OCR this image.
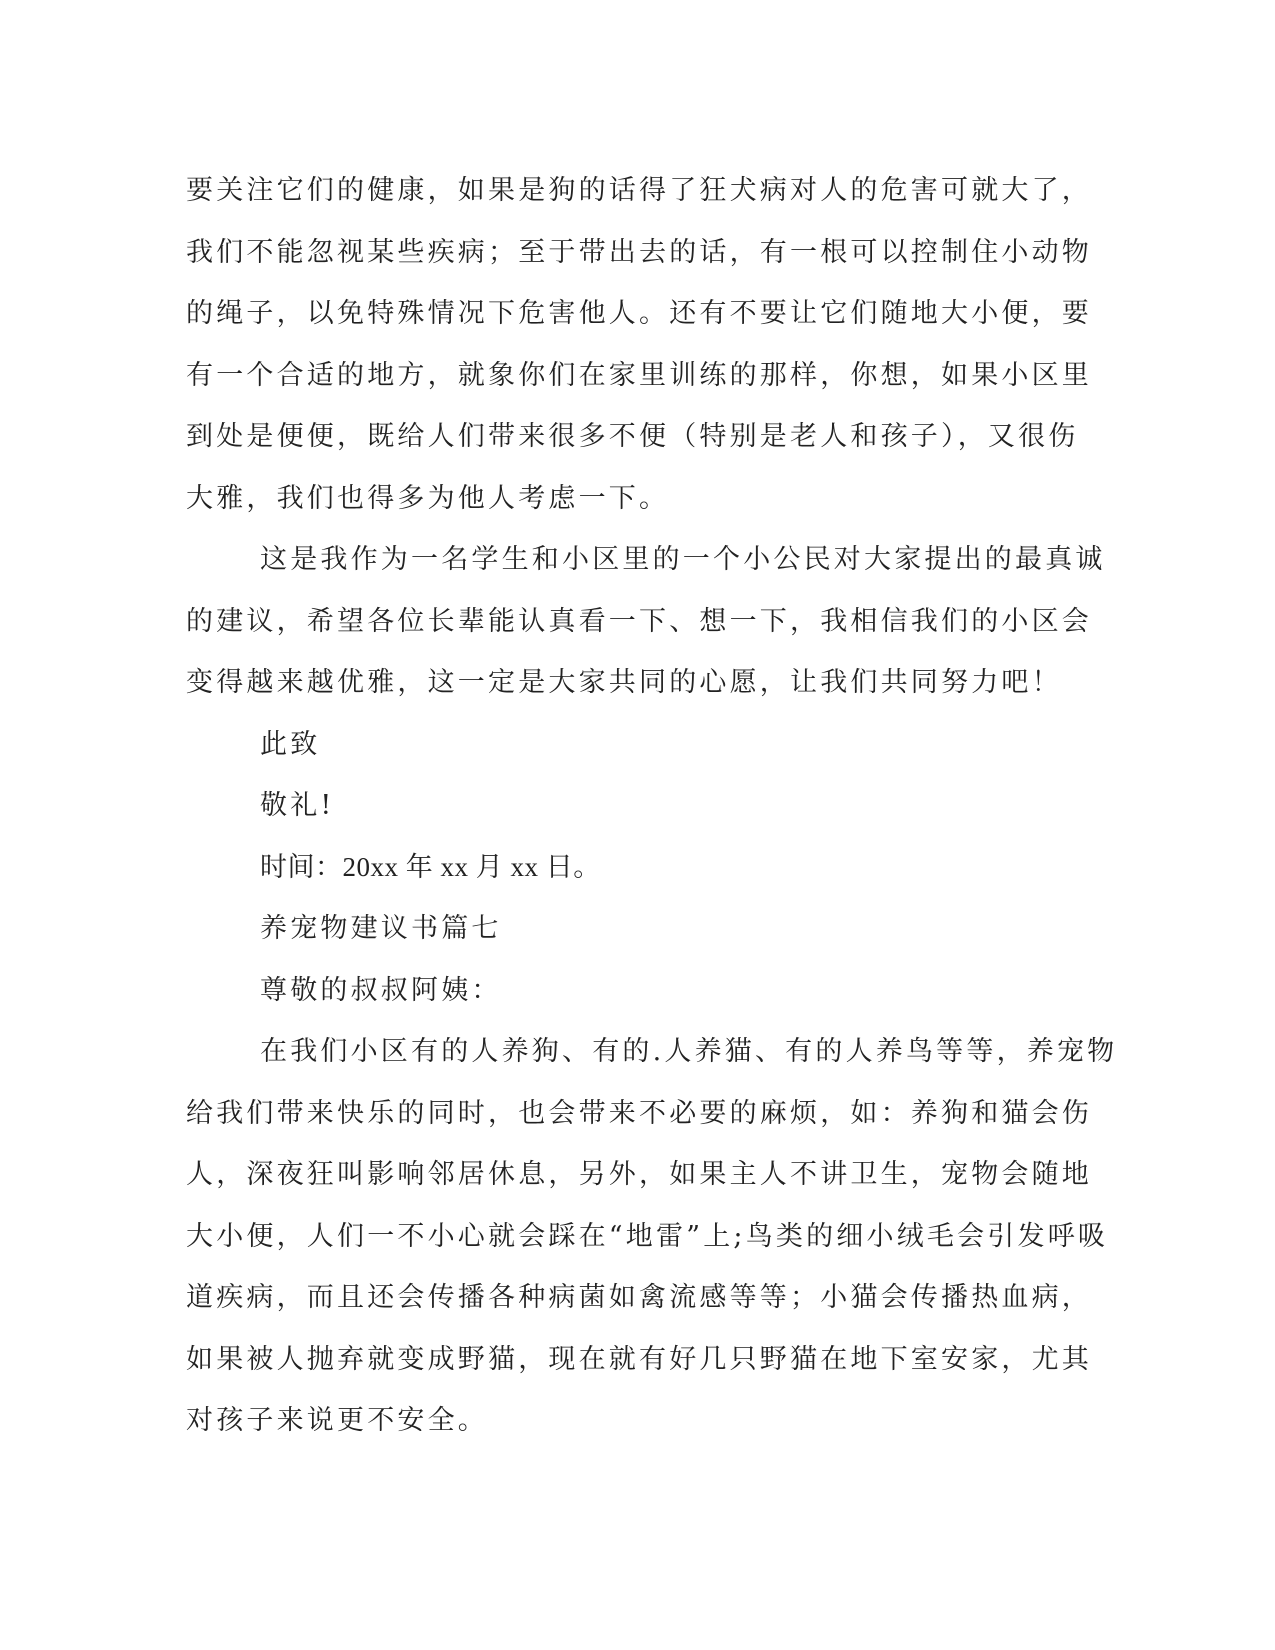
要关注它们的健康，如果是狗的话得了狂犬病对人的危害可就大了，
我们不能忽视某些疾病；至于带出去的话，有一根可以控制住小动物
的绳子，以免特殊情况下危害他人。还有不要让它们随地大小便，要
有一个合适的地方，就象你们在家里训练的那样，你想，如果小区里
到处是便便，既给人们带来很多不便（特别是老人和孩子），又很伤
大雅，我们也得多为他人考虑一下。
这是我作为一名学生和小区里的一个小公民对大家提出的最真诚
的建议，希望各位长辈能认真看一下、想一下，我相信我们的小区会
变得越来越优雅，这一定是大家共同的心愿，让我们共同努力吧！
此致
敬礼!
时间：20xx 年 xx 月 xx 日。
养宠物建议书篇七
尊敬的叔叔阿姨：
在我们小区有的人养狗、有的.人养猫、有的人养鸟等等，养宠物
给我们带来快乐的同时，也会带来不必要的麻烦，如：养狗和猫会伤
人，深夜狂叫影响邻居休息，另外，如果主人不讲卫生，宠物会随地
大小便，人们一不小心就会踩在“地雷”上;鸟类的细小绒毛会引发呼吸
道疾病，而且还会传播各种病菌如禽流感等等；小猫会传播热血病，
如果被人抛弃就变成野猫，现在就有好几只野猫在地下室安家，尤其
对孩子来说更不安全。
